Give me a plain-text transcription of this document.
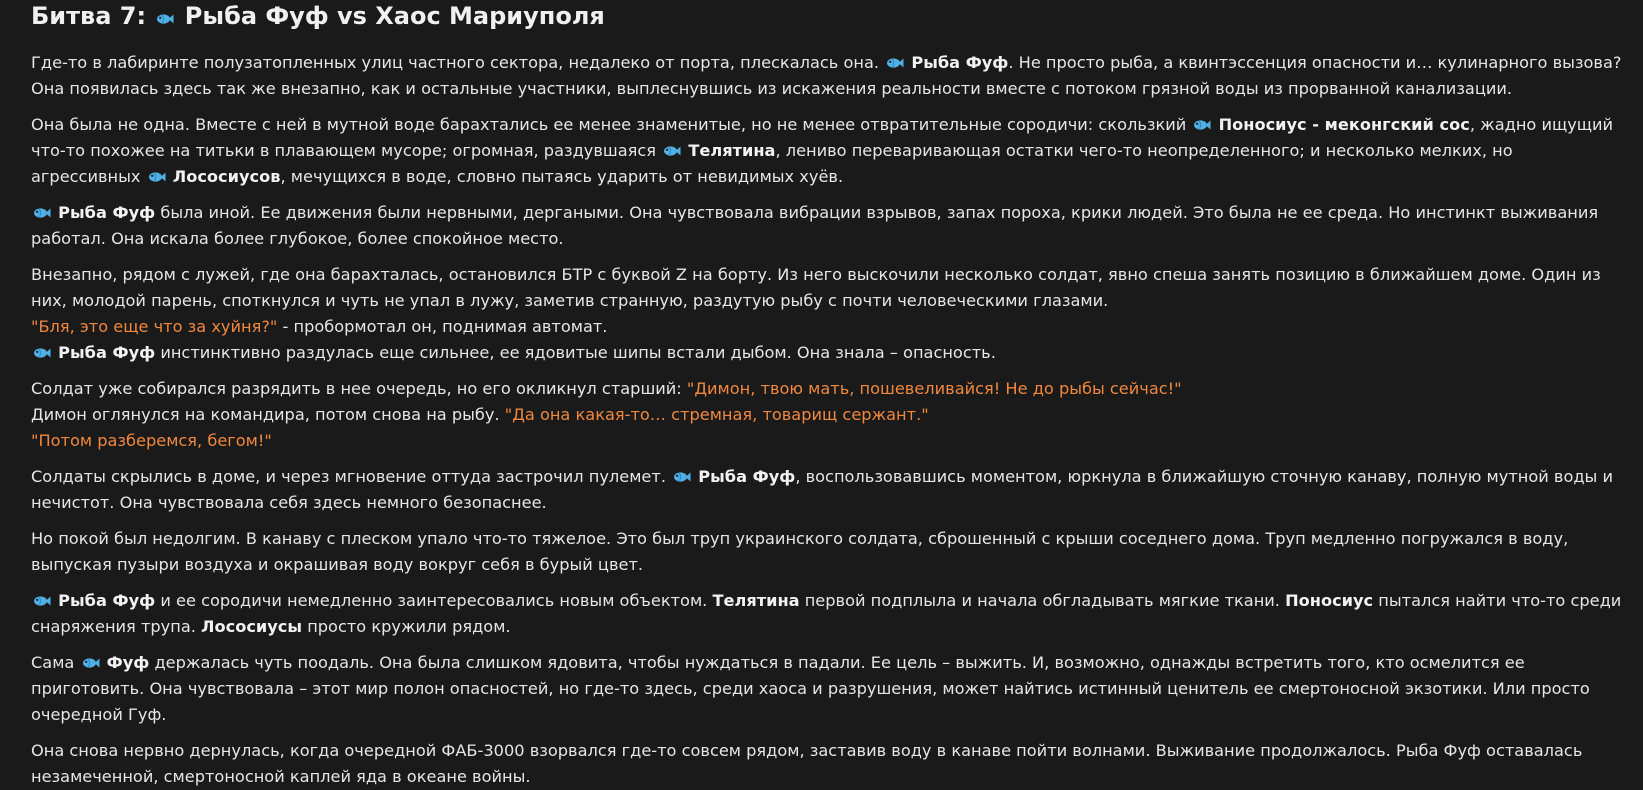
Битва 7:  Рыба Фуф vs Хаос Мариуполя

Где-то в лабиринте полузатопленных улиц частного сектора, недалеко от порта, плескалась она.  Рыба Фуф. Не просто рыба, а квинтэссенция опасности и… кулинарного вызова? Она появилась здесь так же внезапно, как и остальные участники, выплеснувшись из искажения реальности вместе с потоком грязной воды из прорванной канализации.

Она была не одна. Вместе с ней в мутной воде барахтались ее менее знаменитые, но не менее отвратительные сородичи: скользкий  Поносиус - меконгский сос, жадно ищущий что-то похожее на титьки в плавающем мусоре; огромная, раздувшаяся  Телятина, лениво переваривающая остатки чего-то неопределенного; и несколько мелких, но агрессивных  Лососиусов, мечущихся в воде, словно пытаясь ударить от невидимых хуёв.

Рыба Фуф была иной. Ее движения были нервными, дергаными. Она чувствовала вибрации взрывов, запах пороха, крики людей. Это была не ее среда. Но инстинкт выживания работал. Она искала более глубокое, более спокойное место.

Внезапно, рядом с лужей, где она барахталась, остановился БТР с буквой Z на борту. Из него выскочили несколько солдат, явно спеша занять позицию в ближайшем доме. Один из них, молодой парень, споткнулся и чуть не упал в лужу, заметив странную, раздутую рыбу с почти человеческими глазами.
"Бля, это еще что за хуйня?" - пробормотал он, поднимая автомат.
Рыба Фуф инстинктивно раздулась еще сильнее, ее ядовитые шипы встали дыбом. Она знала – опасность.

Солдат уже собирался разрядить в нее очередь, но его окликнул старший: "Димон, твою мать, пошевеливайся! Не до рыбы сейчас!"
Димон оглянулся на командира, потом снова на рыбу. "Да она какая-то… стремная, товарищ сержант."
"Потом разберемся, бегом!"

Солдаты скрылись в доме, и через мгновение оттуда застрочил пулемет.  Рыба Фуф, воспользовавшись моментом, юркнула в ближайшую сточную канаву, полную мутной воды и нечистот. Она чувствовала себя здесь немного безопаснее.

Но покой был недолгим. В канаву с плеском упало что-то тяжелое. Это был труп украинского солдата, сброшенный с крыши соседнего дома. Труп медленно погружался в воду, выпуская пузыри воздуха и окрашивая воду вокруг себя в бурый цвет.

Рыба Фуф и ее сородичи немедленно заинтересовались новым объектом. Телятина первой подплыла и начала обгладывать мягкие ткани. Поносиус пытался найти что-то среди снаряжения трупа. Лососиусы просто кружили рядом.

Сама  Фуф держалась чуть поодаль. Она была слишком ядовита, чтобы нуждаться в падали. Ее цель – выжить. И, возможно, однажды встретить того, кто осмелится ее приготовить. Она чувствовала – этот мир полон опасностей, но где-то здесь, среди хаоса и разрушения, может найтись истинный ценитель ее смертоносной экзотики. Или просто очередной Гуф.

Она снова нервно дернулась, когда очередной ФАБ-3000 взорвался где-то совсем рядом, заставив воду в канаве пойти волнами. Выживание продолжалось. Рыба Фуф оставалась незамеченной, смертоносной каплей яда в океане войны.
